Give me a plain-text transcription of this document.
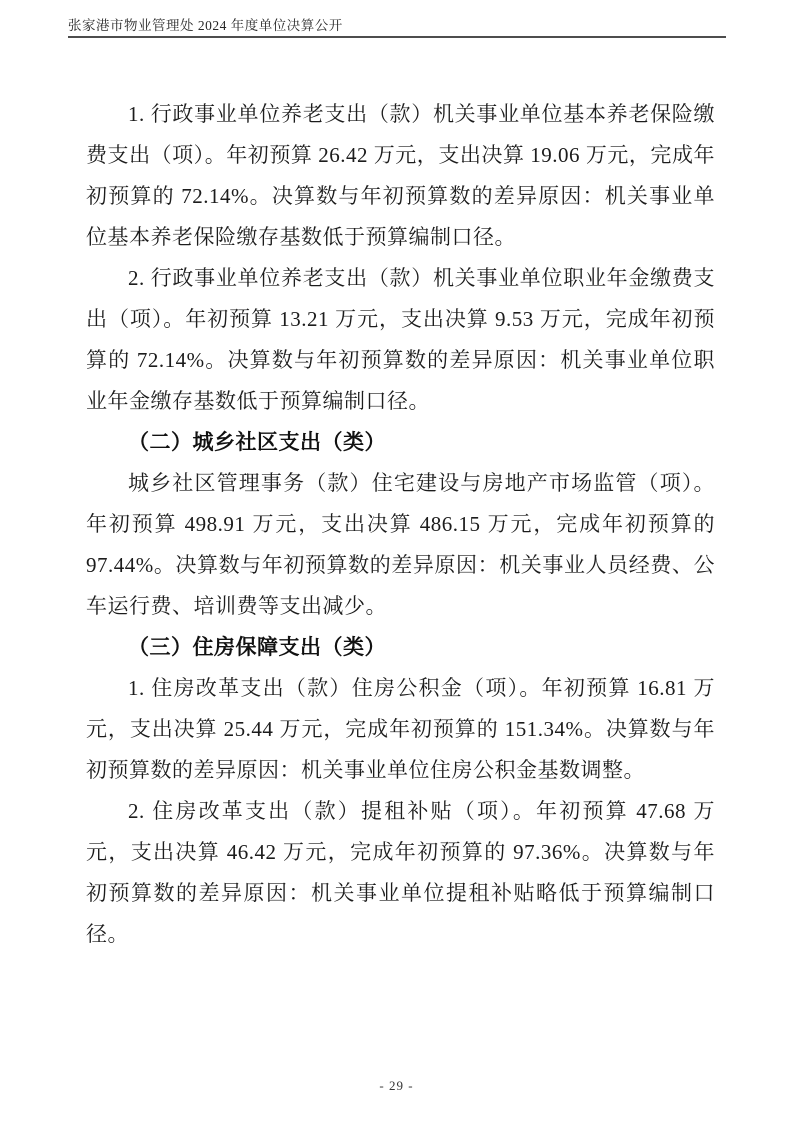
张家港市物业管理处 2024 年度单位决算公开

1. 行政事业单位养老支出（款）机关事业单位基本养老保险缴费支出（项）。年初预算 26.42 万元，支出决算 19.06 万元，完成年初预算的 72.14%。决算数与年初预算数的差异原因：机关事业单位基本养老保险缴存基数低于预算编制口径。

2. 行政事业单位养老支出（款）机关事业单位职业年金缴费支出（项）。年初预算 13.21 万元，支出决算 9.53 万元，完成年初预算的 72.14%。决算数与年初预算数的差异原因：机关事业单位职业年金缴存基数低于预算编制口径。

（二）城乡社区支出（类）

城乡社区管理事务（款）住宅建设与房地产市场监管（项）。年初预算 498.91 万元，支出决算 486.15 万元，完成年初预算的 97.44%。决算数与年初预算数的差异原因：机关事业人员经费、公车运行费、培训费等支出减少。

（三）住房保障支出（类）

1. 住房改革支出（款）住房公积金（项）。年初预算 16.81 万元，支出决算 25.44 万元，完成年初预算的 151.34%。决算数与年初预算数的差异原因：机关事业单位住房公积金基数调整。

2. 住房改革支出（款）提租补贴（项）。年初预算 47.68 万元，支出决算 46.42 万元，完成年初预算的 97.36%。决算数与年初预算数的差异原因：机关事业单位提租补贴略低于预算编制口径。

- 29 -
